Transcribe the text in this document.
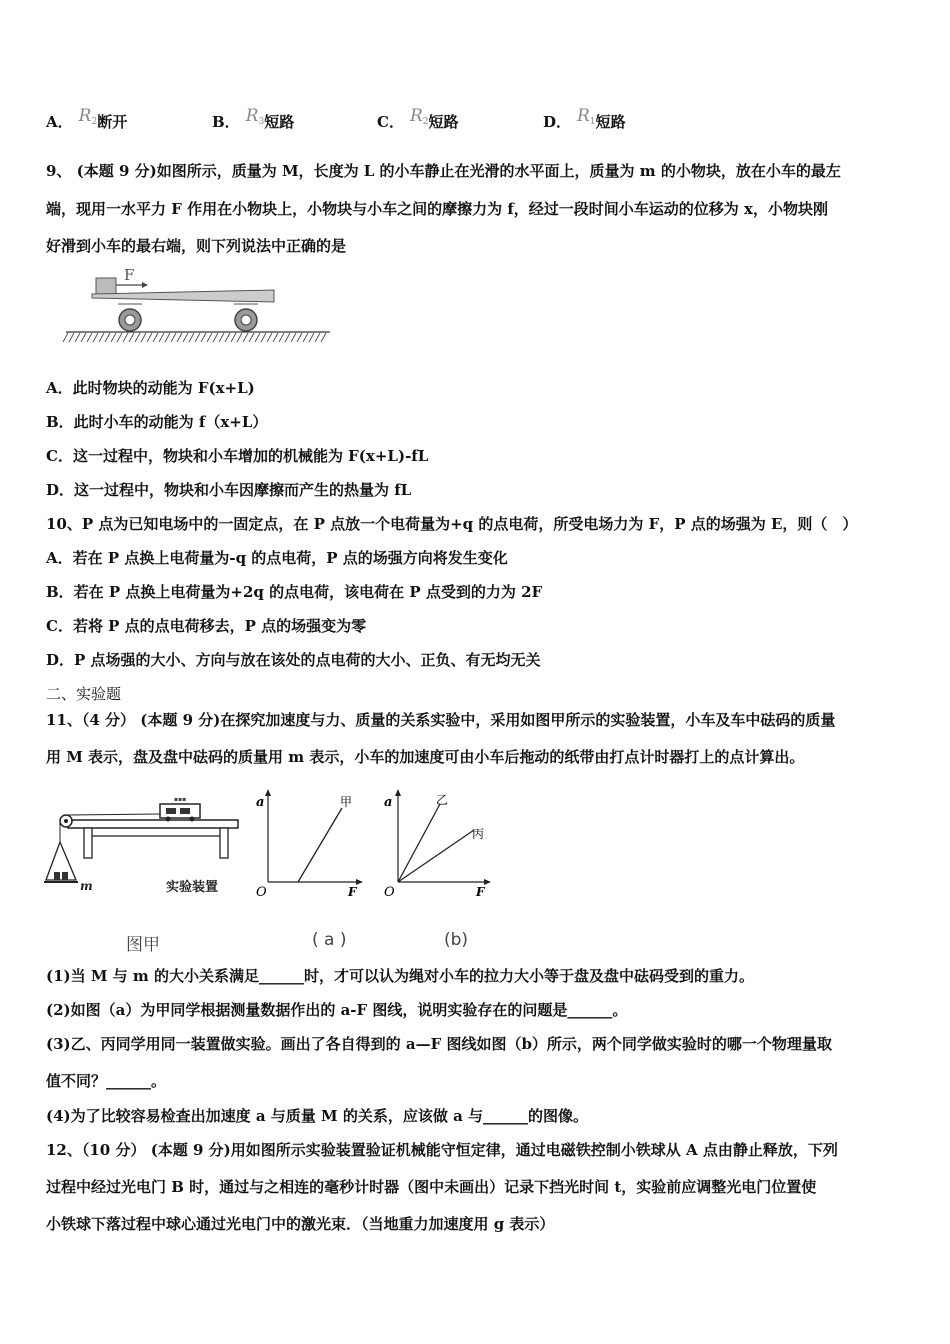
A． $R^2$断开	B． $R^3$短路	C． $R^2$短路	D． $R^1$短路
9、 (本题 9 分)如图所示，质量为 M，长度为 L 的小车静止在光滑的水平面上，质量为 m 的小物块，放在小车的最左
端，现用一水平力 F 作用在小物块上，小物块与小车之间的摩擦力为 f，经过一段时间小车运动的位移为 x，小物块刚
好滑到小车的最右端，则下列说法中正确的是
F
A．此时物块的动能为 F(x+L)
B．此时小车的动能为 f（x+L）
C．这一过程中，物块和小车增加的机械能为 F(x+L)-fL
D．这一过程中，物块和小车因摩擦而产生的热量为 fL
10、P 点为已知电场中的一固定点，在 P 点放一个电荷量为+q 的点电荷，所受电场力为 F，P 点的场强为 E，则（　）
A．若在 P 点换上电荷量为-q 的点电荷，P 点的场强方向将发生变化
B．若在 P 点换上电荷量为+2q 的点电荷，该电荷在 P 点受到的力为 2F
C．若将 P 点的点电荷移去，P 点的场强变为零
D．P 点场强的大小、方向与放在该处的点电荷的大小、正负、有无均无关
二、实验题
11、（4 分） (本题 9 分)在探究加速度与力、质量的关系实验中，采用如图甲所示的实验装置，小车及车中砝码的质量
用 M 表示，盘及盘中砝码的质量用 m 表示，小车的加速度可由小车后拖动的纸带由打点计时器打上的点计算出。
▪▪▪
m	实验装置
a
F
O
甲 a
F
O
乙
丙
图甲	( a )	(b)
(1)当 M 与 m 的大小关系满足______时，才可以认为绳对小车的拉力大小等于盘及盘中砝码受到的重力。
(2)如图（a）为甲同学根据测量数据作出的 a-F 图线，说明实验存在的问题是______。
(3)乙、丙同学用同一装置做实验。画出了各自得到的 a—F 图线如图（b）所示，两个同学做实验时的哪一个物理量取
值不同？______。
(4)为了比较容易检查出加速度 a 与质量 M 的关系，应该做 a 与______的图像。
12、（10 分） (本题 9 分)用如图所示实验装置验证机械能守恒定律，通过电磁铁控制小铁球从 A 点由静止释放，下列
过程中经过光电门 B 时，通过与之相连的毫秒计时器（图中未画出）记录下挡光时间 t，实验前应调整光电门位置使
小铁球下落过程中球心通过光电门中的激光束．（当地重力加速度用 g 表示）
